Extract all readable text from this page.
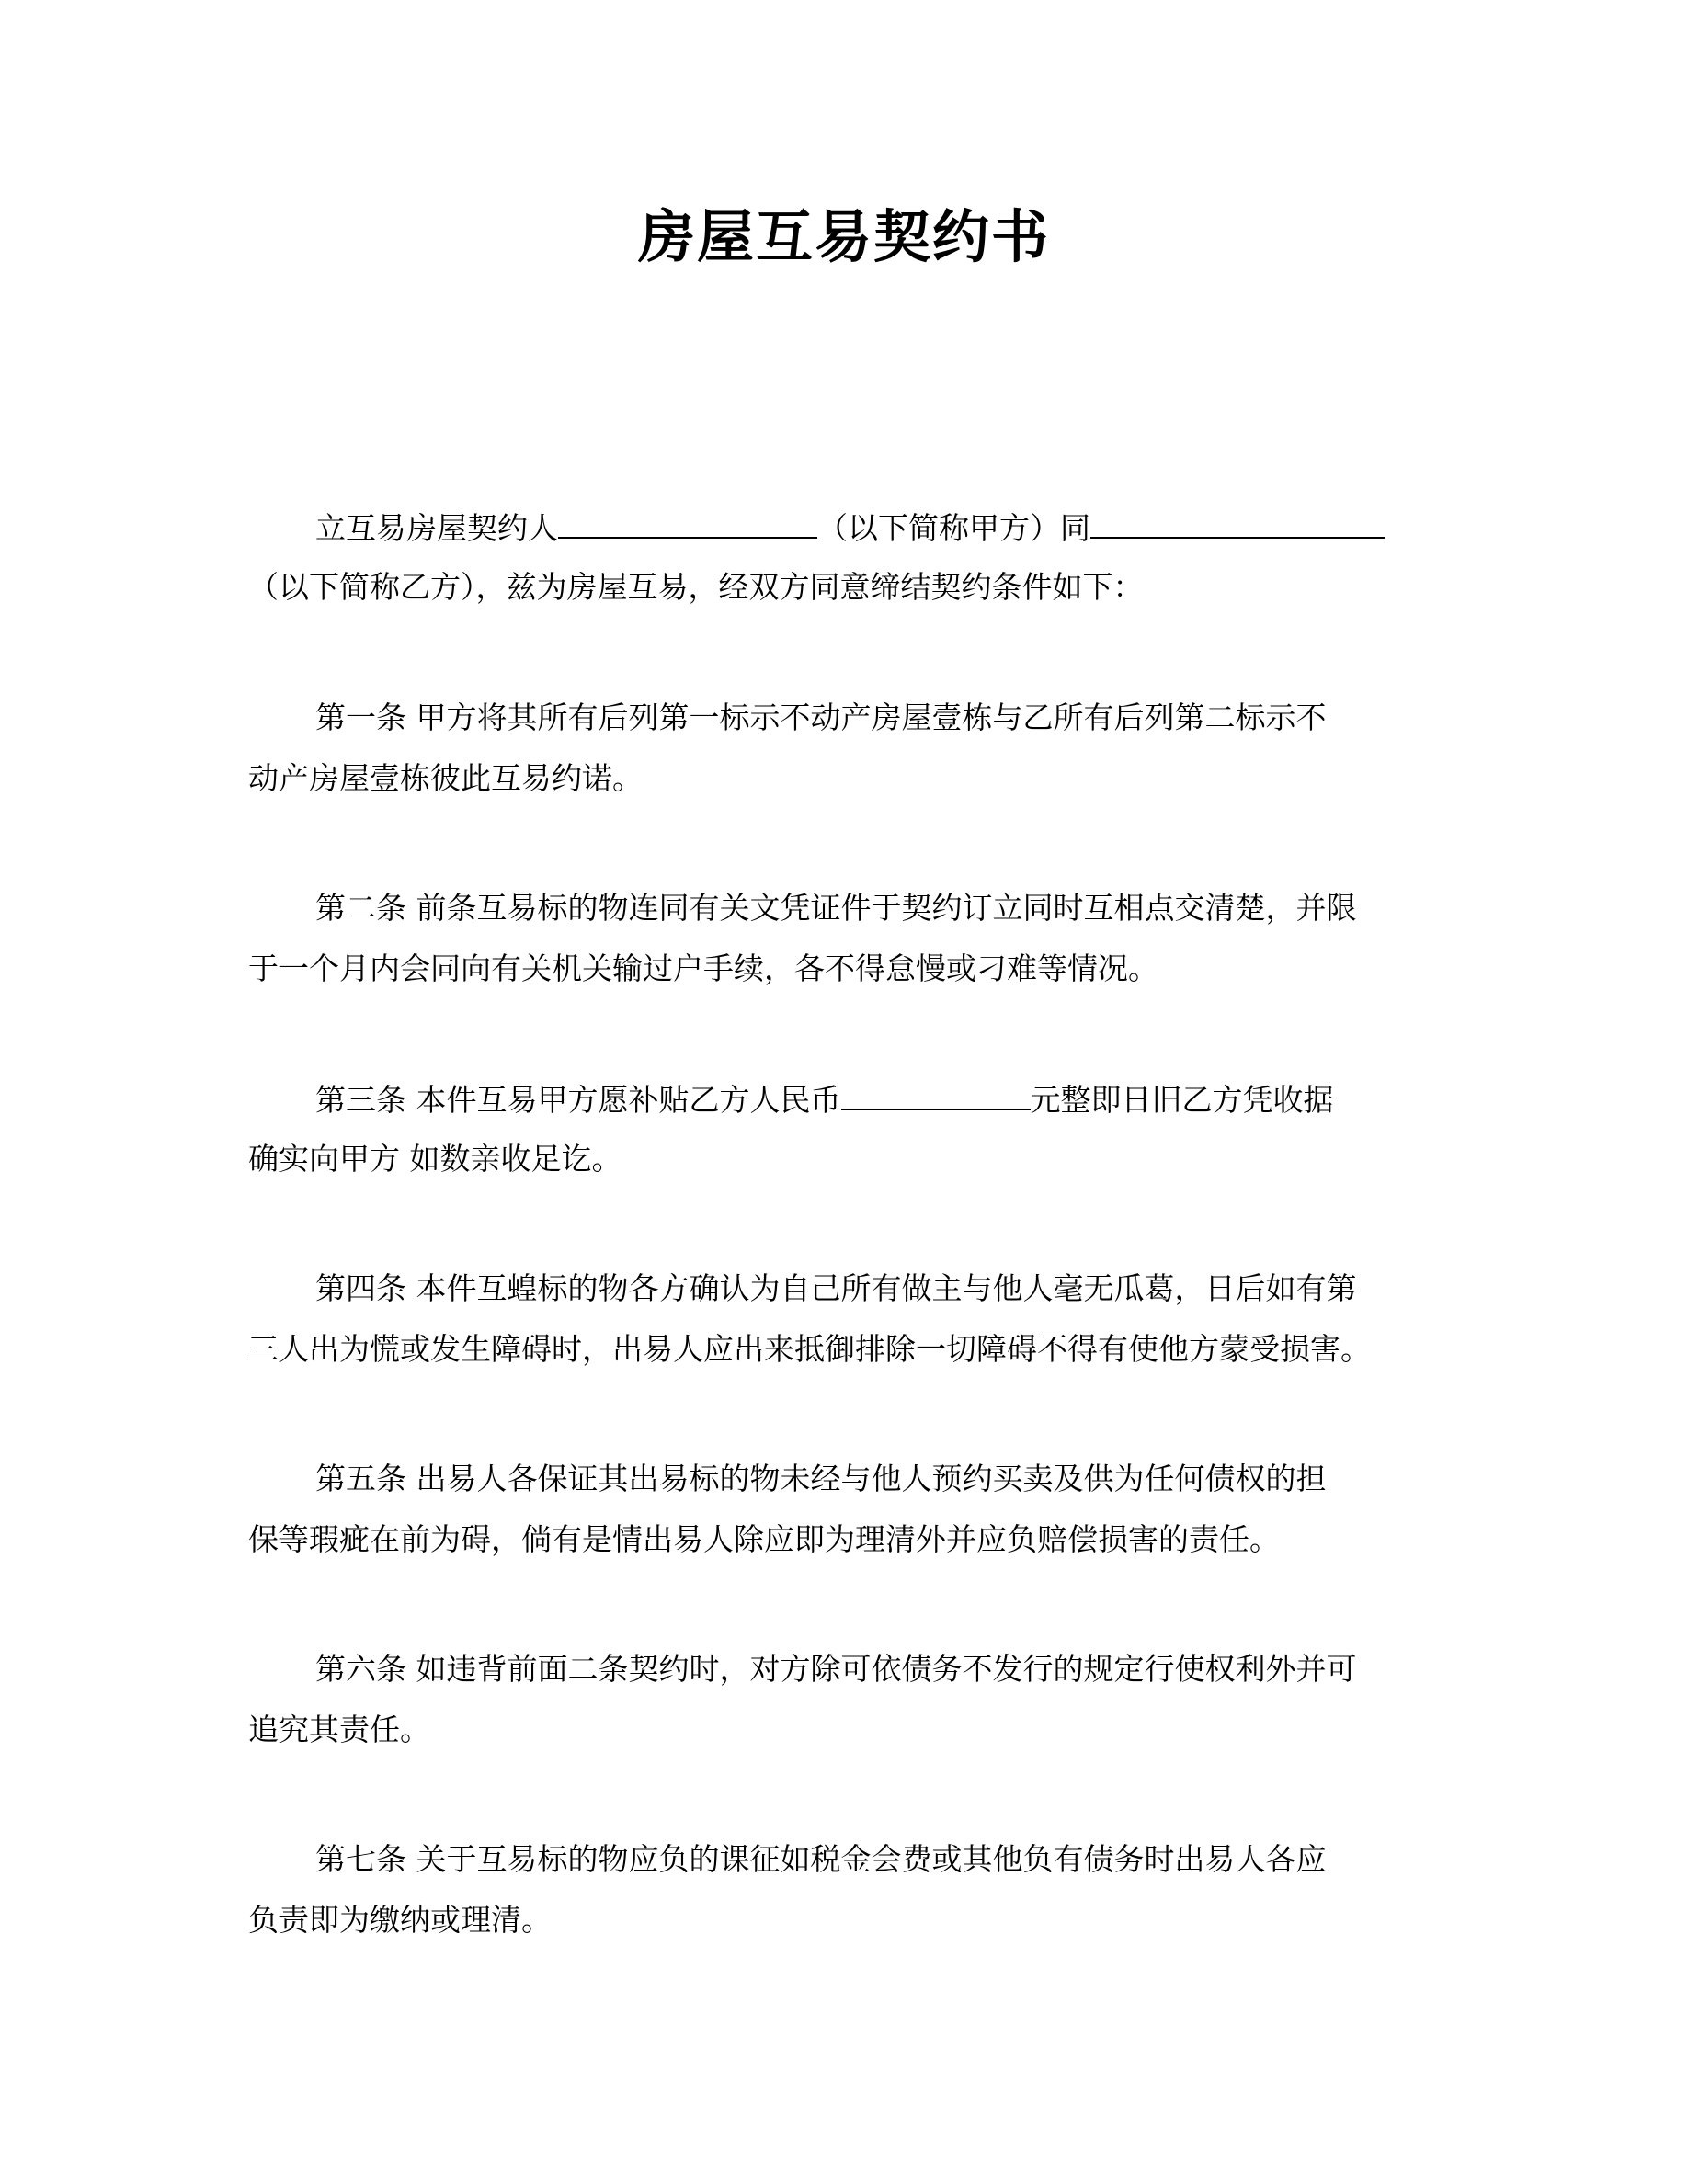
房屋互易契约书
立互易房屋契约人	（以下简称甲方）同
（以下简称乙方），兹为房屋互易，经双方同意缔结契约条件如下：
第一条 甲方将其所有后列第一标示不动产房屋壹栋与乙所有后列第二标示不
动产房屋壹栋彼此互易约诺。
第二条 前条互易标的物连同有关文凭证件于契约订立同时互相点交清楚，并限
于一个月内会同向有关机关输过户手续，各不得怠慢或刁难等情况。
第三条 本件互易甲方愿补贴乙方人民币	元整即日旧乙方凭收据
确实向甲方 如数亲收足讫。
第四条 本件互蝗标的物各方确认为自己所有做主与他人毫无瓜葛，日后如有第
三人出为慌或发生障碍时，出易人应出来抵御排除一切障碍不得有使他方蒙受损害。
第五条 出易人各保证其出易标的物未经与他人预约买卖及供为任何债权的担
保等瑕疵在前为碍，倘有是情出易人除应即为理清外并应负赔偿损害的责任。
第六条 如违背前面二条契约时，对方除可依债务不发行的规定行使权利外并可
追究其责任。
第七条 关于互易标的物应负的课征如税金会费或其他负有债务时出易人各应
负责即为缴纳或理清。
